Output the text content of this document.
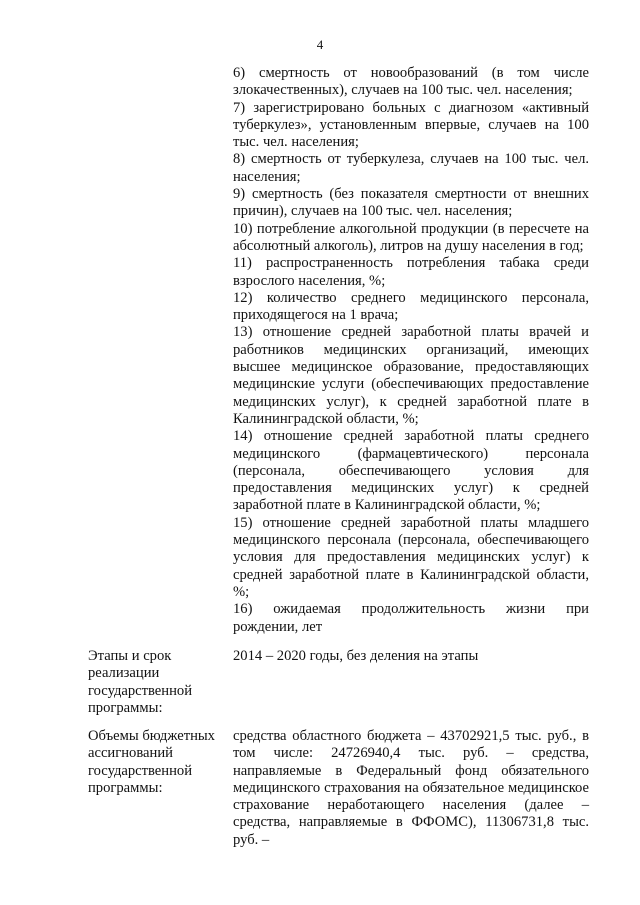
4
6) смертность от новообразований (в том числе злокачественных), случаев на 100 тыс. чел. населения;
7) зарегистрировано больных с диагнозом «активный туберкулез», установленным впервые, случаев на 100 тыс. чел. населения;
8) смертность от туберкулеза, случаев на 100 тыс. чел. населения;
9) смертность (без показателя смертности от внешних причин), случаев на 100 тыс. чел. населения;
10) потребление алкогольной продукции (в пересчете на абсолютный алкоголь), литров на душу населения в год;
11) распространенность потребления табака среди взрослого населения, %;
12) количество среднего медицинского персонала, приходящегося на 1 врача;
13) отношение средней заработной платы врачей и работников медицинских организаций, имеющих высшее медицинское образование, предоставляющих медицинские услуги (обеспечивающих предоставление медицинских услуг), к средней заработной плате в Калининградской области, %;
14) отношение средней заработной платы среднего медицинского (фармацевтического) персонала (персонала, обеспечивающего условия для предоставления медицинских услуг) к средней заработной плате в Калининградской области, %;
15) отношение средней заработной платы младшего медицинского персонала (персонала, обеспечивающего условия для предоставления медицинских услуг) к средней заработной плате в Калининградской области, %;
16) ожидаемая продолжительность жизни при рождении, лет
Этапы и срок реализации государственной программы:
2014 – 2020 годы, без деления на этапы
Объемы бюджетных ассигнований государственной программы:
средства областного бюджета – 43702921,5 тыс. руб., в том числе: 24726940,4 тыс. руб. – средства, направляемые в Федеральный фонд обязательного медицинского страхования на обязательное медицинское страхование неработающего населения (далее – средства, направляемые в ФФОМС), 11306731,8 тыс. руб. –
